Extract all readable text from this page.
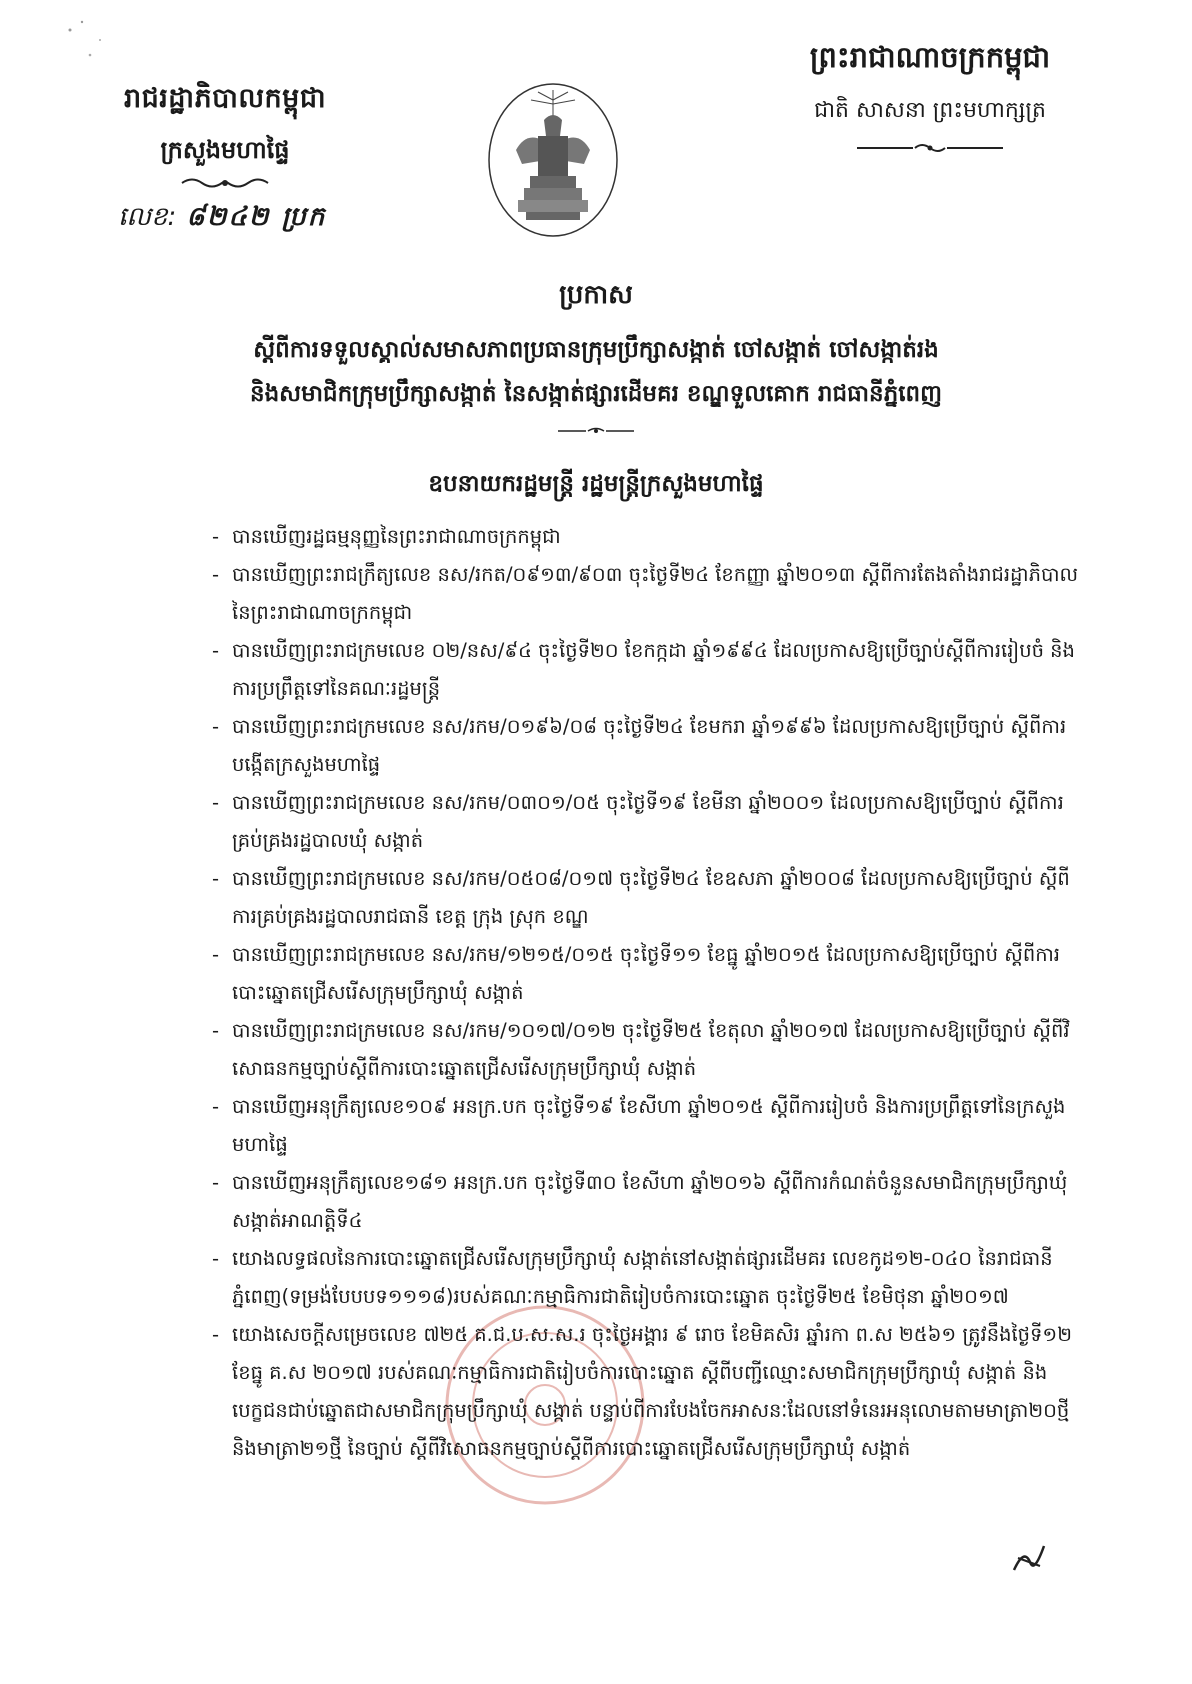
រាជរដ្ឋាភិបាលកម្ពុជា
ក្រសួងមហាផ្ទៃ
លេខ: ៨២៤២ ប្រក
ព្រះរាជាណាចក្រកម្ពុជា
ជាតិ សាសនា ព្រះមហាក្សត្រ
ប្រកាស
ស្តីពីការទទួលស្គាល់សមាសភាពប្រធានក្រុមប្រឹក្សាសង្កាត់ ចៅសង្កាត់ ចៅសង្កាត់រង
និងសមាជិកក្រុមប្រឹក្សាសង្កាត់ នៃសង្កាត់ផ្សារដើមគរ ខណ្ឌទួលគោក រាជធានីភ្នំពេញ
ឧបនាយករដ្ឋមន្ត្រី រដ្ឋមន្ត្រីក្រសួងមហាផ្ទៃ
- បានឃើញរដ្ឋធម្មនុញ្ញនៃព្រះរាជាណាចក្រកម្ពុជា
- បានឃើញព្រះរាជក្រឹត្យលេខ នស/រកត/០៩១៣/៩០៣ ចុះថ្ងៃទី២៤ ខែកញ្ញា ឆ្នាំ២០១៣ ស្តីពីការតែងតាំងរាជរដ្ឋាភិបាលនៃព្រះរាជាណាចក្រកម្ពុជា
- បានឃើញព្រះរាជក្រមលេខ ០២/នស/៩៤ ចុះថ្ងៃទី២០ ខែកក្កដា ឆ្នាំ១៩៩៤ ដែលប្រកាសឱ្យប្រើច្បាប់ស្តីពីការរៀបចំ និងការប្រព្រឹត្តទៅនៃគណៈរដ្ឋមន្ត្រី
- បានឃើញព្រះរាជក្រមលេខ នស/រកម/០១៩៦/០៨ ចុះថ្ងៃទី២៤ ខែមករា ឆ្នាំ១៩៩៦ ដែលប្រកាសឱ្យប្រើច្បាប់ ស្តីពីការបង្កើតក្រសួងមហាផ្ទៃ
- បានឃើញព្រះរាជក្រមលេខ នស/រកម/០៣០១/០៥ ចុះថ្ងៃទី១៩ ខែមីនា ឆ្នាំ២០០១ ដែលប្រកាសឱ្យប្រើច្បាប់ ស្តីពីការគ្រប់គ្រងរដ្ឋបាលឃុំ សង្កាត់
- បានឃើញព្រះរាជក្រមលេខ នស/រកម/០៥០៨/០១៧ ចុះថ្ងៃទី២៤ ខែឧសភា ឆ្នាំ២០០៨ ដែលប្រកាសឱ្យប្រើច្បាប់ ស្តីពីការគ្រប់គ្រងរដ្ឋបាលរាជធានី ខេត្ត ក្រុង ស្រុក ខណ្ឌ
- បានឃើញព្រះរាជក្រមលេខ នស/រកម/១២១៥/០១៥ ចុះថ្ងៃទី១១ ខែធ្នូ ឆ្នាំ២០១៥ ដែលប្រកាសឱ្យប្រើច្បាប់ ស្តីពីការបោះឆ្នោតជ្រើសរើសក្រុមប្រឹក្សាឃុំ សង្កាត់
- បានឃើញព្រះរាជក្រមលេខ នស/រកម/១០១៧/០១២ ចុះថ្ងៃទី២៥ ខែតុលា ឆ្នាំ២០១៧ ដែលប្រកាសឱ្យប្រើច្បាប់ ស្តីពីវិសោធនកម្មច្បាប់ស្តីពីការបោះឆ្នោតជ្រើសរើសក្រុមប្រឹក្សាឃុំ សង្កាត់
- បានឃើញអនុក្រឹត្យលេខ១០៩ អនក្រ.បក ចុះថ្ងៃទី១៩ ខែសីហា ឆ្នាំ២០១៥ ស្តីពីការរៀបចំ និងការប្រព្រឹត្តទៅនៃក្រសួងមហាផ្ទៃ
- បានឃើញអនុក្រឹត្យលេខ១៨១ អនក្រ.បក ចុះថ្ងៃទី៣០ ខែសីហា ឆ្នាំ២០១៦ ស្តីពីការកំណត់ចំនួនសមាជិកក្រុមប្រឹក្សាឃុំ សង្កាត់អាណត្តិទី៤
- យោងលទ្ធផលនៃការបោះឆ្នោតជ្រើសរើសក្រុមប្រឹក្សាឃុំ សង្កាត់នៅសង្កាត់ផ្សារដើមគរ លេខកូដ១២-០៤០ នៃរាជធានីភ្នំពេញ(ទម្រង់បែបបទ១១១៨)របស់គណៈកម្មាធិការជាតិរៀបចំការបោះឆ្នោត ចុះថ្ងៃទី២៥ ខែមិថុនា ឆ្នាំ២០១៧
- យោងសេចក្តីសម្រេចលេខ ៧២៥ គ.ជ.ប.ស.ស.រ ចុះថ្ងៃអង្គារ ៩ រោច ខែមិគសិរ ឆ្នាំរកា ព.ស ២៥៦១ ត្រូវនឹងថ្ងៃទី១២ ខែធ្នូ គ.ស ២០១៧ របស់គណៈកម្មាធិការជាតិរៀបចំការបោះឆ្នោត ស្តីពីបញ្ជីឈ្មោះសមាជិកក្រុមប្រឹក្សាឃុំ សង្កាត់ និងបេក្ខជនជាប់ឆ្នោតជាសមាជិកក្រុមប្រឹក្សាឃុំ សង្កាត់ បន្ទាប់ពីការបែងចែកអាសនៈដែលនៅទំនេរអនុលោមតាមមាត្រា២០ថ្មី និងមាត្រា២១ថ្មី នៃច្បាប់ ស្តីពីវិសោធនកម្មច្បាប់ស្តីពីការបោះឆ្នោតជ្រើសរើសក្រុមប្រឹក្សាឃុំ សង្កាត់
